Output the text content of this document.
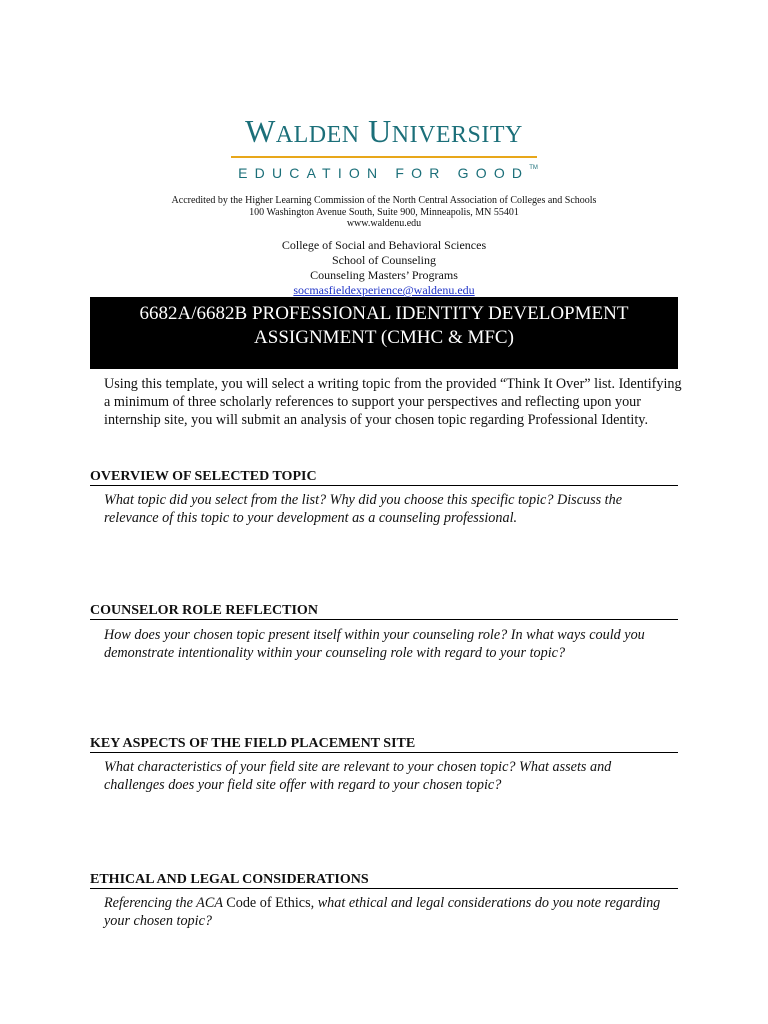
WALDEN UNIVERSITY
EDUCATION FOR GOOD™
Accredited by the Higher Learning Commission of the North Central Association of Colleges and Schools
100 Washington Avenue South, Suite 900, Minneapolis, MN 55401
www.waldenu.edu
College of Social and Behavioral Sciences
School of Counseling
Counseling Masters’ Programs
socmasfieldexperience@waldenu.edu
6682A/6682B PROFESSIONAL IDENTITY DEVELOPMENT
ASSIGNMENT (CMHC & MFC)
Using this template, you will select a writing topic from the provided “Think It Over” list. Identifying a minimum of three scholarly references to support your perspectives and reflecting upon your internship site, you will submit an analysis of your chosen topic regarding Professional Identity.
OVERVIEW OF SELECTED TOPIC
What topic did you select from the list? Why did you choose this specific topic? Discuss the relevance of this topic to your development as a counseling professional.
COUNSELOR ROLE REFLECTION
How does your chosen topic present itself within your counseling role? In what ways could you demonstrate intentionality within your counseling role with regard to your topic?
KEY ASPECTS OF THE FIELD PLACEMENT SITE
What characteristics of your field site are relevant to your chosen topic? What assets and challenges does your field site offer with regard to your chosen topic?
ETHICAL AND LEGAL CONSIDERATIONS
Referencing the ACA Code of Ethics, what ethical and legal considerations do you note regarding your chosen topic?
